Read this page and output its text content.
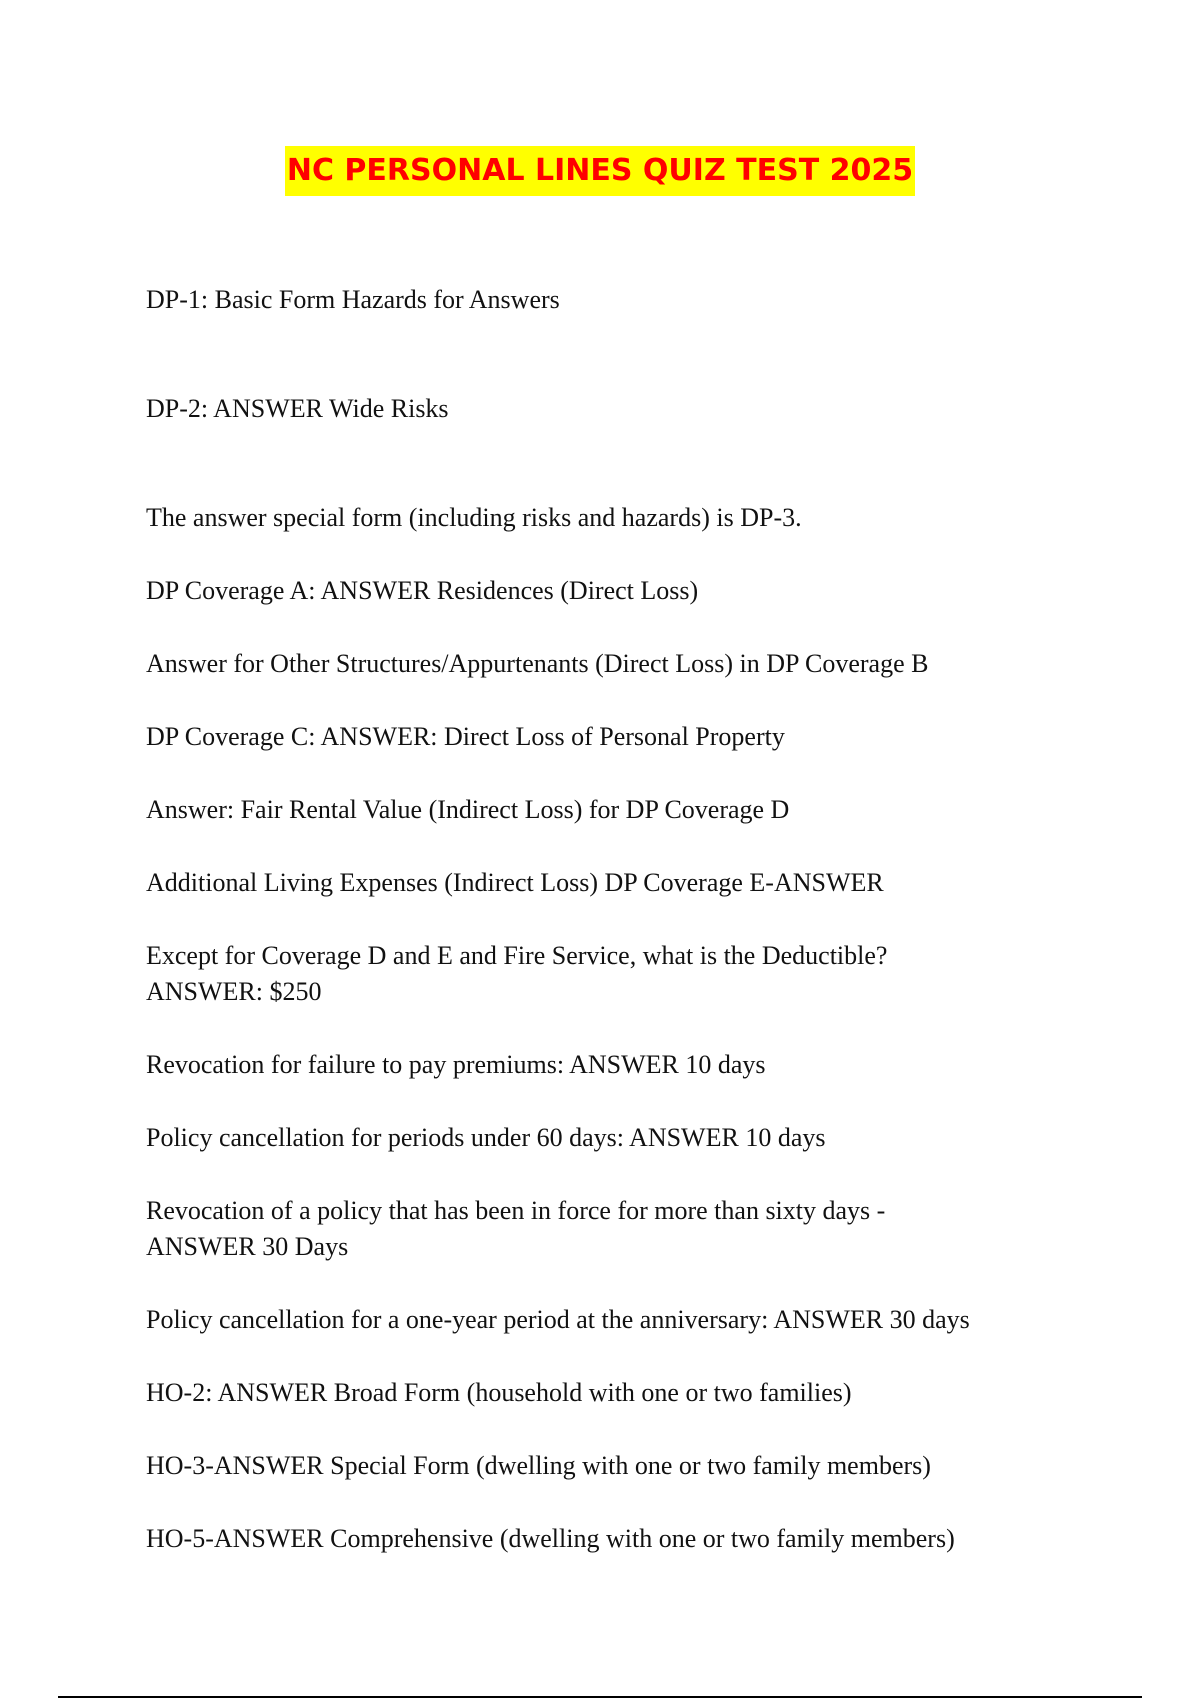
NC PERSONAL LINES QUIZ TEST 2025

DP-1: Basic Form Hazards for Answers

DP-2: ANSWER Wide Risks

The answer special form (including risks and hazards) is DP-3.

DP Coverage A: ANSWER Residences (Direct Loss)

Answer for Other Structures/Appurtenants (Direct Loss) in DP Coverage B

DP Coverage C: ANSWER: Direct Loss of Personal Property

Answer: Fair Rental Value (Indirect Loss) for DP Coverage D

Additional Living Expenses (Indirect Loss) DP Coverage E-ANSWER

Except for Coverage D and E and Fire Service, what is the Deductible?
ANSWER: $250

Revocation for failure to pay premiums: ANSWER 10 days

Policy cancellation for periods under 60 days: ANSWER 10 days

Revocation of a policy that has been in force for more than sixty days -
ANSWER 30 Days

Policy cancellation for a one-year period at the anniversary: ANSWER 30 days

HO-2: ANSWER Broad Form (household with one or two families)

HO-3-ANSWER Special Form (dwelling with one or two family members)

HO-5-ANSWER Comprehensive (dwelling with one or two family members)
